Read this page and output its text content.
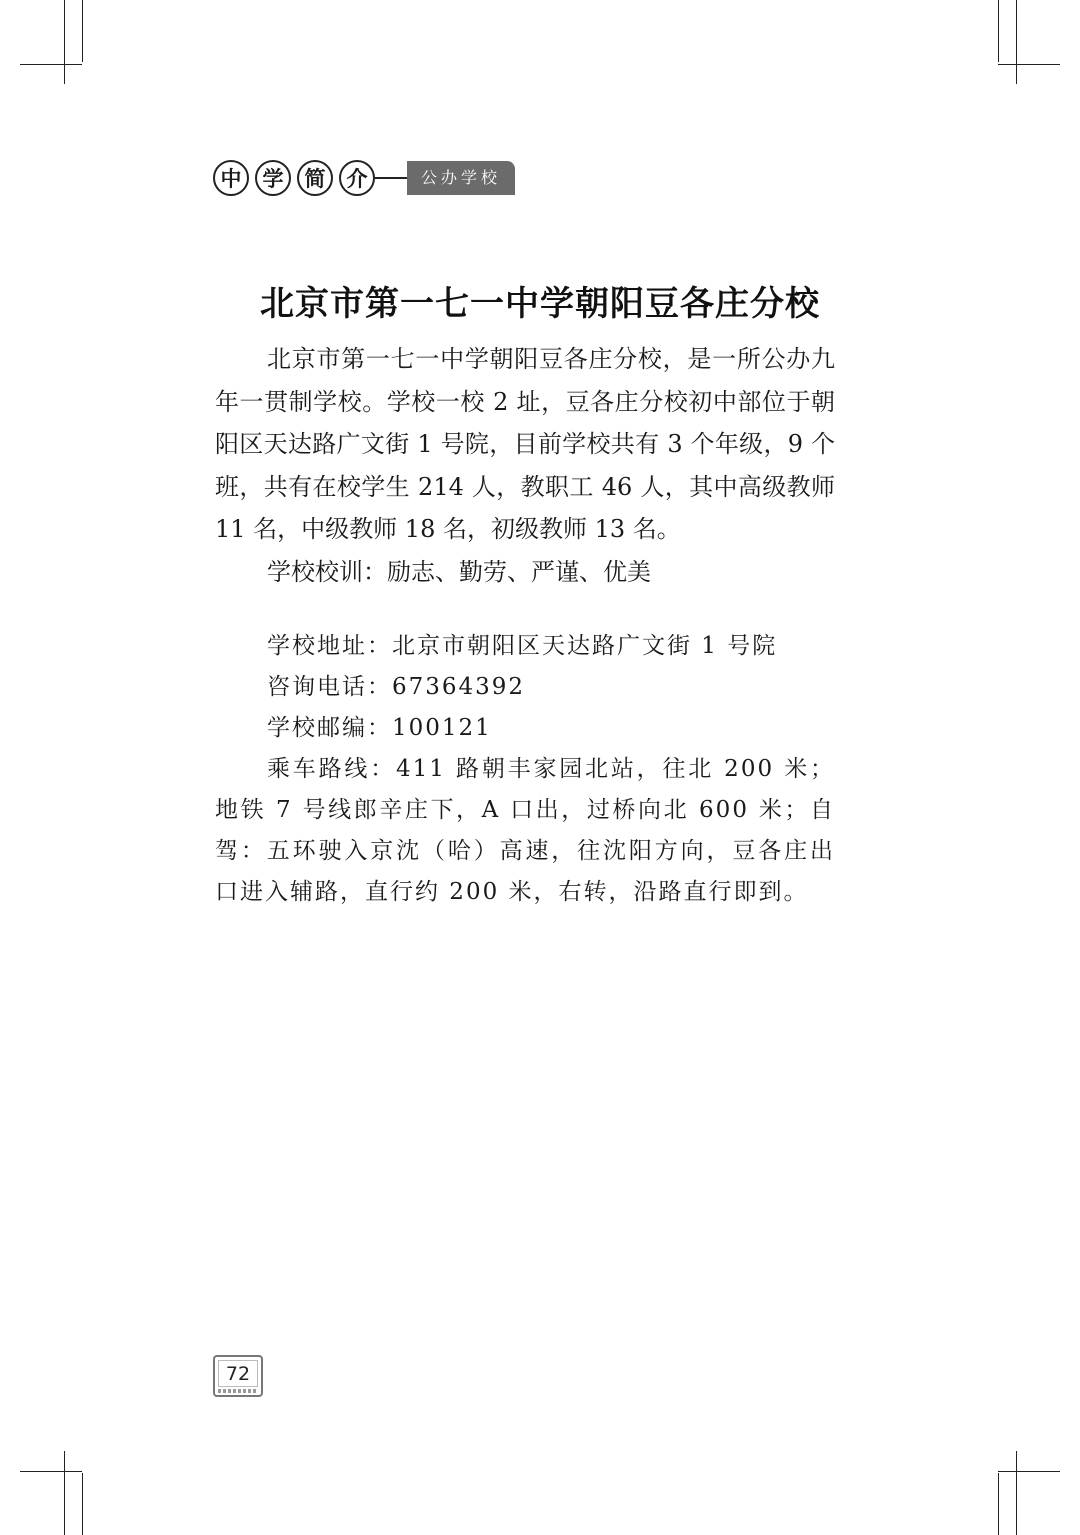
中	学	简	介	公办学校
北京市第一七一中学朝阳豆各庄分校

北京市第一七一中学朝阳豆各庄分校，是一所公办九年一贯制学校。学校一校 2 址，豆各庄分校初中部位于朝阳区天达路广文街 1 号院，目前学校共有 3 个年级，9 个班，共有在校学生 214 人，教职工 46 人，其中高级教师 11 名，中级教师 18 名，初级教师 13 名。

学校校训：励志、勤劳、严谨、优美

学校地址：北京市朝阳区天达路广文街 1 号院

咨询电话：67364392

学校邮编：100121

乘车路线：411 路朝丰家园北站，往北 200 米；地铁 7 号线郎辛庄下，A 口出，过桥向北 600 米；自驾：五环驶入京沈（哈）高速，往沈阳方向，豆各庄出口进入辅路，直行约 200 米，右转，沿路直行即到。

72
